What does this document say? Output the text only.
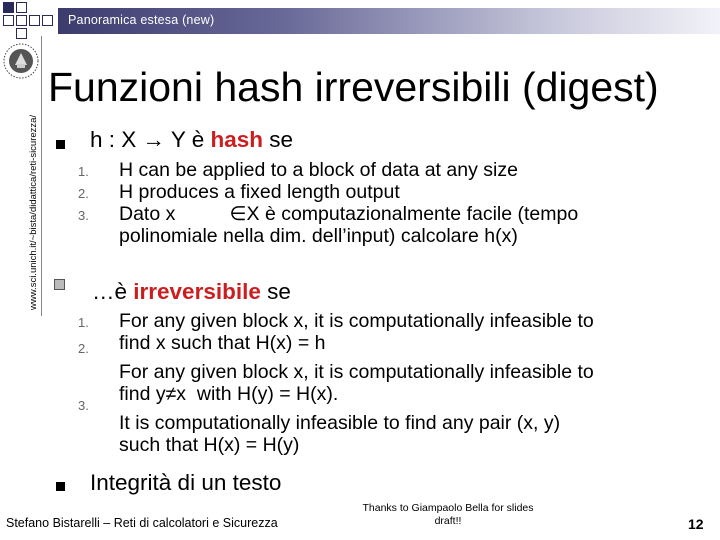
Panoramica estesa (new)
www.sci.unich.it/~bista/didattica/reti-sicurezza/
Funzioni hash irreversibili (digest)
h : X → Y è hash se
1. H can be applied to a block of data at any size
2. H produces a fixed length output
3. Dato x          ∈X è computazionalmente facile (tempo
polinomiale nella dim. dell’input) calcolare h(x)
…è irreversibile se
1. For any given block x, it is computationally infeasible to
find x such that H(x) = h
2.
For any given block x, it is computationally infeasible to
find y≠x  with H(y) = H(x).
3.
It is computationally infeasible to find any pair (x, y)
such that H(x) = H(y)
Integrità di un testo
Stefano Bistarelli – Reti di calcolatori e Sicurezza
Thanks to Giampaolo Bella for slides
draft!!	12
